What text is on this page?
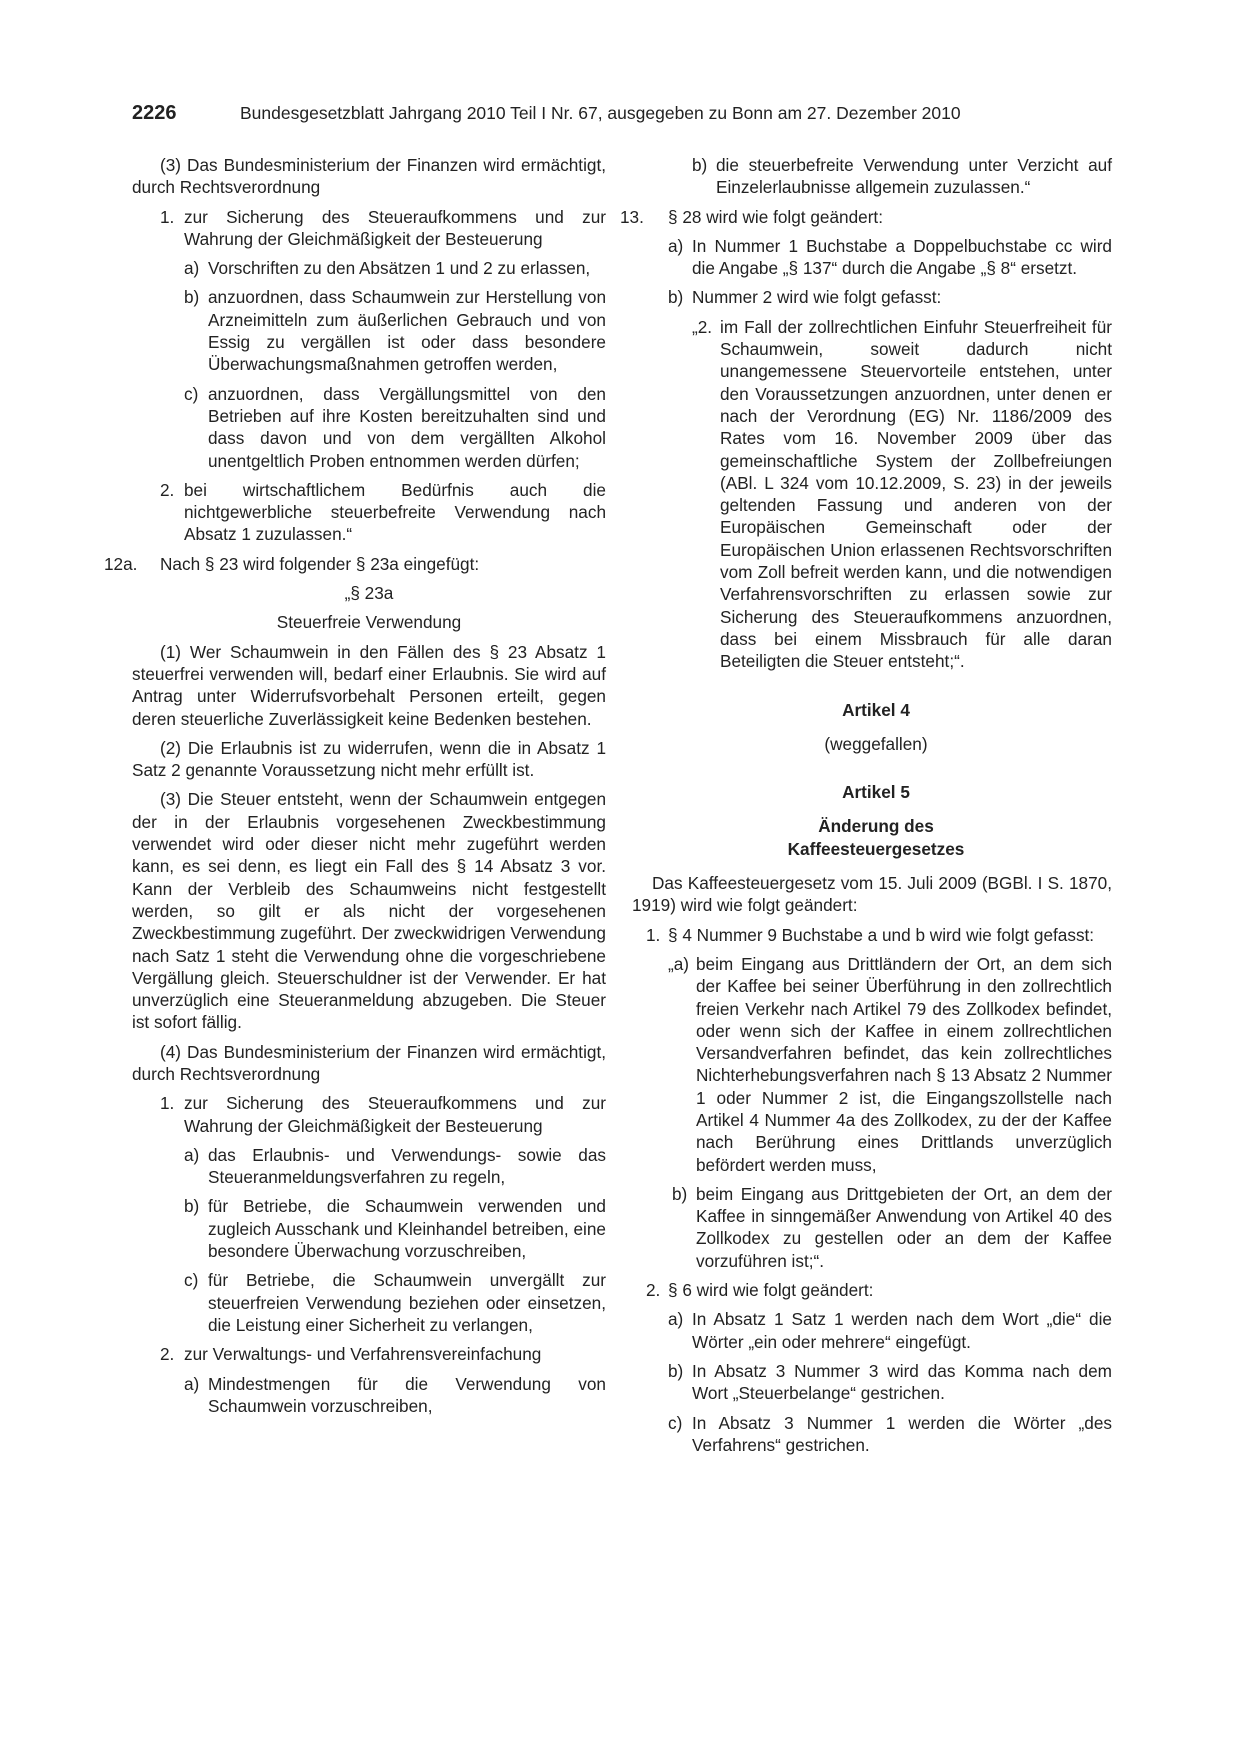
2226	Bundesgesetzblatt Jahrgang 2010 Teil I Nr. 67, ausgegeben zu Bonn am 27. Dezember 2010

(3) Das Bundesministerium der Finanzen wird ermächtigt, durch Rechtsverordnung

1. zur Sicherung des Steueraufkommens und zur Wahrung der Gleichmäßigkeit der Besteuerung
a) Vorschriften zu den Absätzen 1 und 2 zu erlassen,
b) anzuordnen, dass Schaumwein zur Herstellung von Arzneimitteln zum äußerlichen Gebrauch und von Essig zu vergällen ist oder dass besondere Überwachungsmaßnahmen getroffen werden,
c) anzuordnen, dass Vergällungsmittel von den Betrieben auf ihre Kosten bereitzuhalten sind und dass davon und von dem vergällten Alkohol unentgeltlich Proben entnommen werden dürfen;
2. bei wirtschaftlichem Bedürfnis auch die nichtgewerbliche steuerbefreite Verwendung nach Absatz 1 zuzulassen.“
12a. Nach § 23 wird folgender § 23a eingefügt:

„§ 23a

Steuerfreie Verwendung

(1) Wer Schaumwein in den Fällen des § 23 Absatz 1 steuerfrei verwenden will, bedarf einer Erlaubnis. Sie wird auf Antrag unter Widerrufsvorbehalt Personen erteilt, gegen deren steuerliche Zuverlässigkeit keine Bedenken bestehen.

(2) Die Erlaubnis ist zu widerrufen, wenn die in Absatz 1 Satz 2 genannte Voraussetzung nicht mehr erfüllt ist.

(3) Die Steuer entsteht, wenn der Schaumwein entgegen der in der Erlaubnis vorgesehenen Zweckbestimmung verwendet wird oder dieser nicht mehr zugeführt werden kann, es sei denn, es liegt ein Fall des § 14 Absatz 3 vor. Kann der Verbleib des Schaumweins nicht festgestellt werden, so gilt er als nicht der vorgesehenen Zweckbestimmung zugeführt. Der zweckwidrigen Verwendung nach Satz 1 steht die Verwendung ohne die vorgeschriebene Vergällung gleich. Steuerschuldner ist der Verwender. Er hat unverzüglich eine Steueranmeldung abzugeben. Die Steuer ist sofort fällig.

(4) Das Bundesministerium der Finanzen wird ermächtigt, durch Rechtsverordnung

1. zur Sicherung des Steueraufkommens und zur Wahrung der Gleichmäßigkeit der Besteuerung
a) das Erlaubnis- und Verwendungs- sowie das Steueranmeldungsverfahren zu regeln,
b) für Betriebe, die Schaumwein verwenden und zugleich Ausschank und Kleinhandel betreiben, eine besondere Überwachung vorzuschreiben,
c) für Betriebe, die Schaumwein unvergällt zur steuerfreien Verwendung beziehen oder einsetzen, die Leistung einer Sicherheit zu verlangen,
2. zur Verwaltungs- und Verfahrensvereinfachung
a) Mindestmengen für die Verwendung von Schaumwein vorzuschreiben,
b) die steuerbefreite Verwendung unter Verzicht auf Einzelerlaubnisse allgemein zuzulassen.“
13. § 28 wird wie folgt geändert:
a) In Nummer 1 Buchstabe a Doppelbuchstabe cc wird die Angabe „§ 137“ durch die Angabe „§ 8“ ersetzt.
b) Nummer 2 wird wie folgt gefasst:
„2. im Fall der zollrechtlichen Einfuhr Steuerfreiheit für Schaumwein, soweit dadurch nicht unangemessene Steuervorteile entstehen, unter den Voraussetzungen anzuordnen, unter denen er nach der Verordnung (EG) Nr. 1186/2009 des Rates vom 16. November 2009 über das gemeinschaftliche System der Zollbefreiungen (ABl. L 324 vom 10.12.2009, S. 23) in der jeweils geltenden Fassung und anderen von der Europäischen Gemeinschaft oder der Europäischen Union erlassenen Rechtsvorschriften vom Zoll befreit werden kann, und die notwendigen Verfahrensvorschriften zu erlassen sowie zur Sicherung des Steueraufkommens anzuordnen, dass bei einem Missbrauch für alle daran Beteiligten die Steuer entsteht;“.

Artikel 4

(weggefallen)

Artikel 5

Änderung des

Kaffeesteuergesetzes

Das Kaffeesteuergesetz vom 15. Juli 2009 (BGBl. I S. 1870, 1919) wird wie folgt geändert:

1. § 4 Nummer 9 Buchstabe a und b wird wie folgt gefasst:
„a) beim Eingang aus Drittländern der Ort, an dem sich der Kaffee bei seiner Überführung in den zollrechtlich freien Verkehr nach Artikel 79 des Zollkodex befindet, oder wenn sich der Kaffee in einem zollrechtlichen Versandverfahren befindet, das kein zollrechtliches Nichterhebungsverfahren nach § 13 Absatz 2 Nummer 1 oder Nummer 2 ist, die Eingangszollstelle nach Artikel 4 Nummer 4a des Zollkodex, zu der der Kaffee nach Berührung eines Drittlands unverzüglich befördert werden muss,
b) beim Eingang aus Drittgebieten der Ort, an dem der Kaffee in sinngemäßer Anwendung von Artikel 40 des Zollkodex zu gestellen oder an dem der Kaffee vorzuführen ist;“.
2. § 6 wird wie folgt geändert:
a) In Absatz 1 Satz 1 werden nach dem Wort „die“ die Wörter „ein oder mehrere“ eingefügt.
b) In Absatz 3 Nummer 3 wird das Komma nach dem Wort „Steuerbelange“ gestrichen.
c) In Absatz 3 Nummer 1 werden die Wörter „des Verfahrens“ gestrichen.
